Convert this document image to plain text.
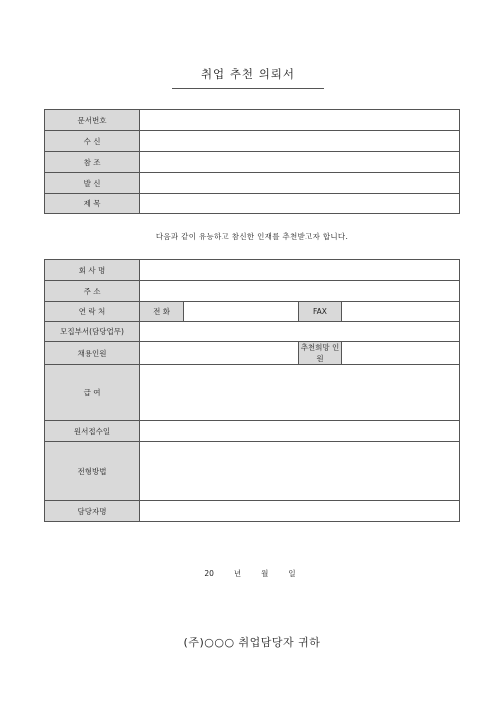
취업 추천 의뢰서
문서번호	
수 신	
참 조	
발 신	
제 목	
다음과 같이 유능하고 참신한 인재를 추천받고자 합니다.
회 사 명				
주 소				
연 락 처	전 화		FAX	
모집부서(담당업무)				
채용인원			추천희망 인원	
급 여				
원서접수일				
전형방법				
담당자명				
20	년	월	일
(주)○○○ 취업담당자 귀하
